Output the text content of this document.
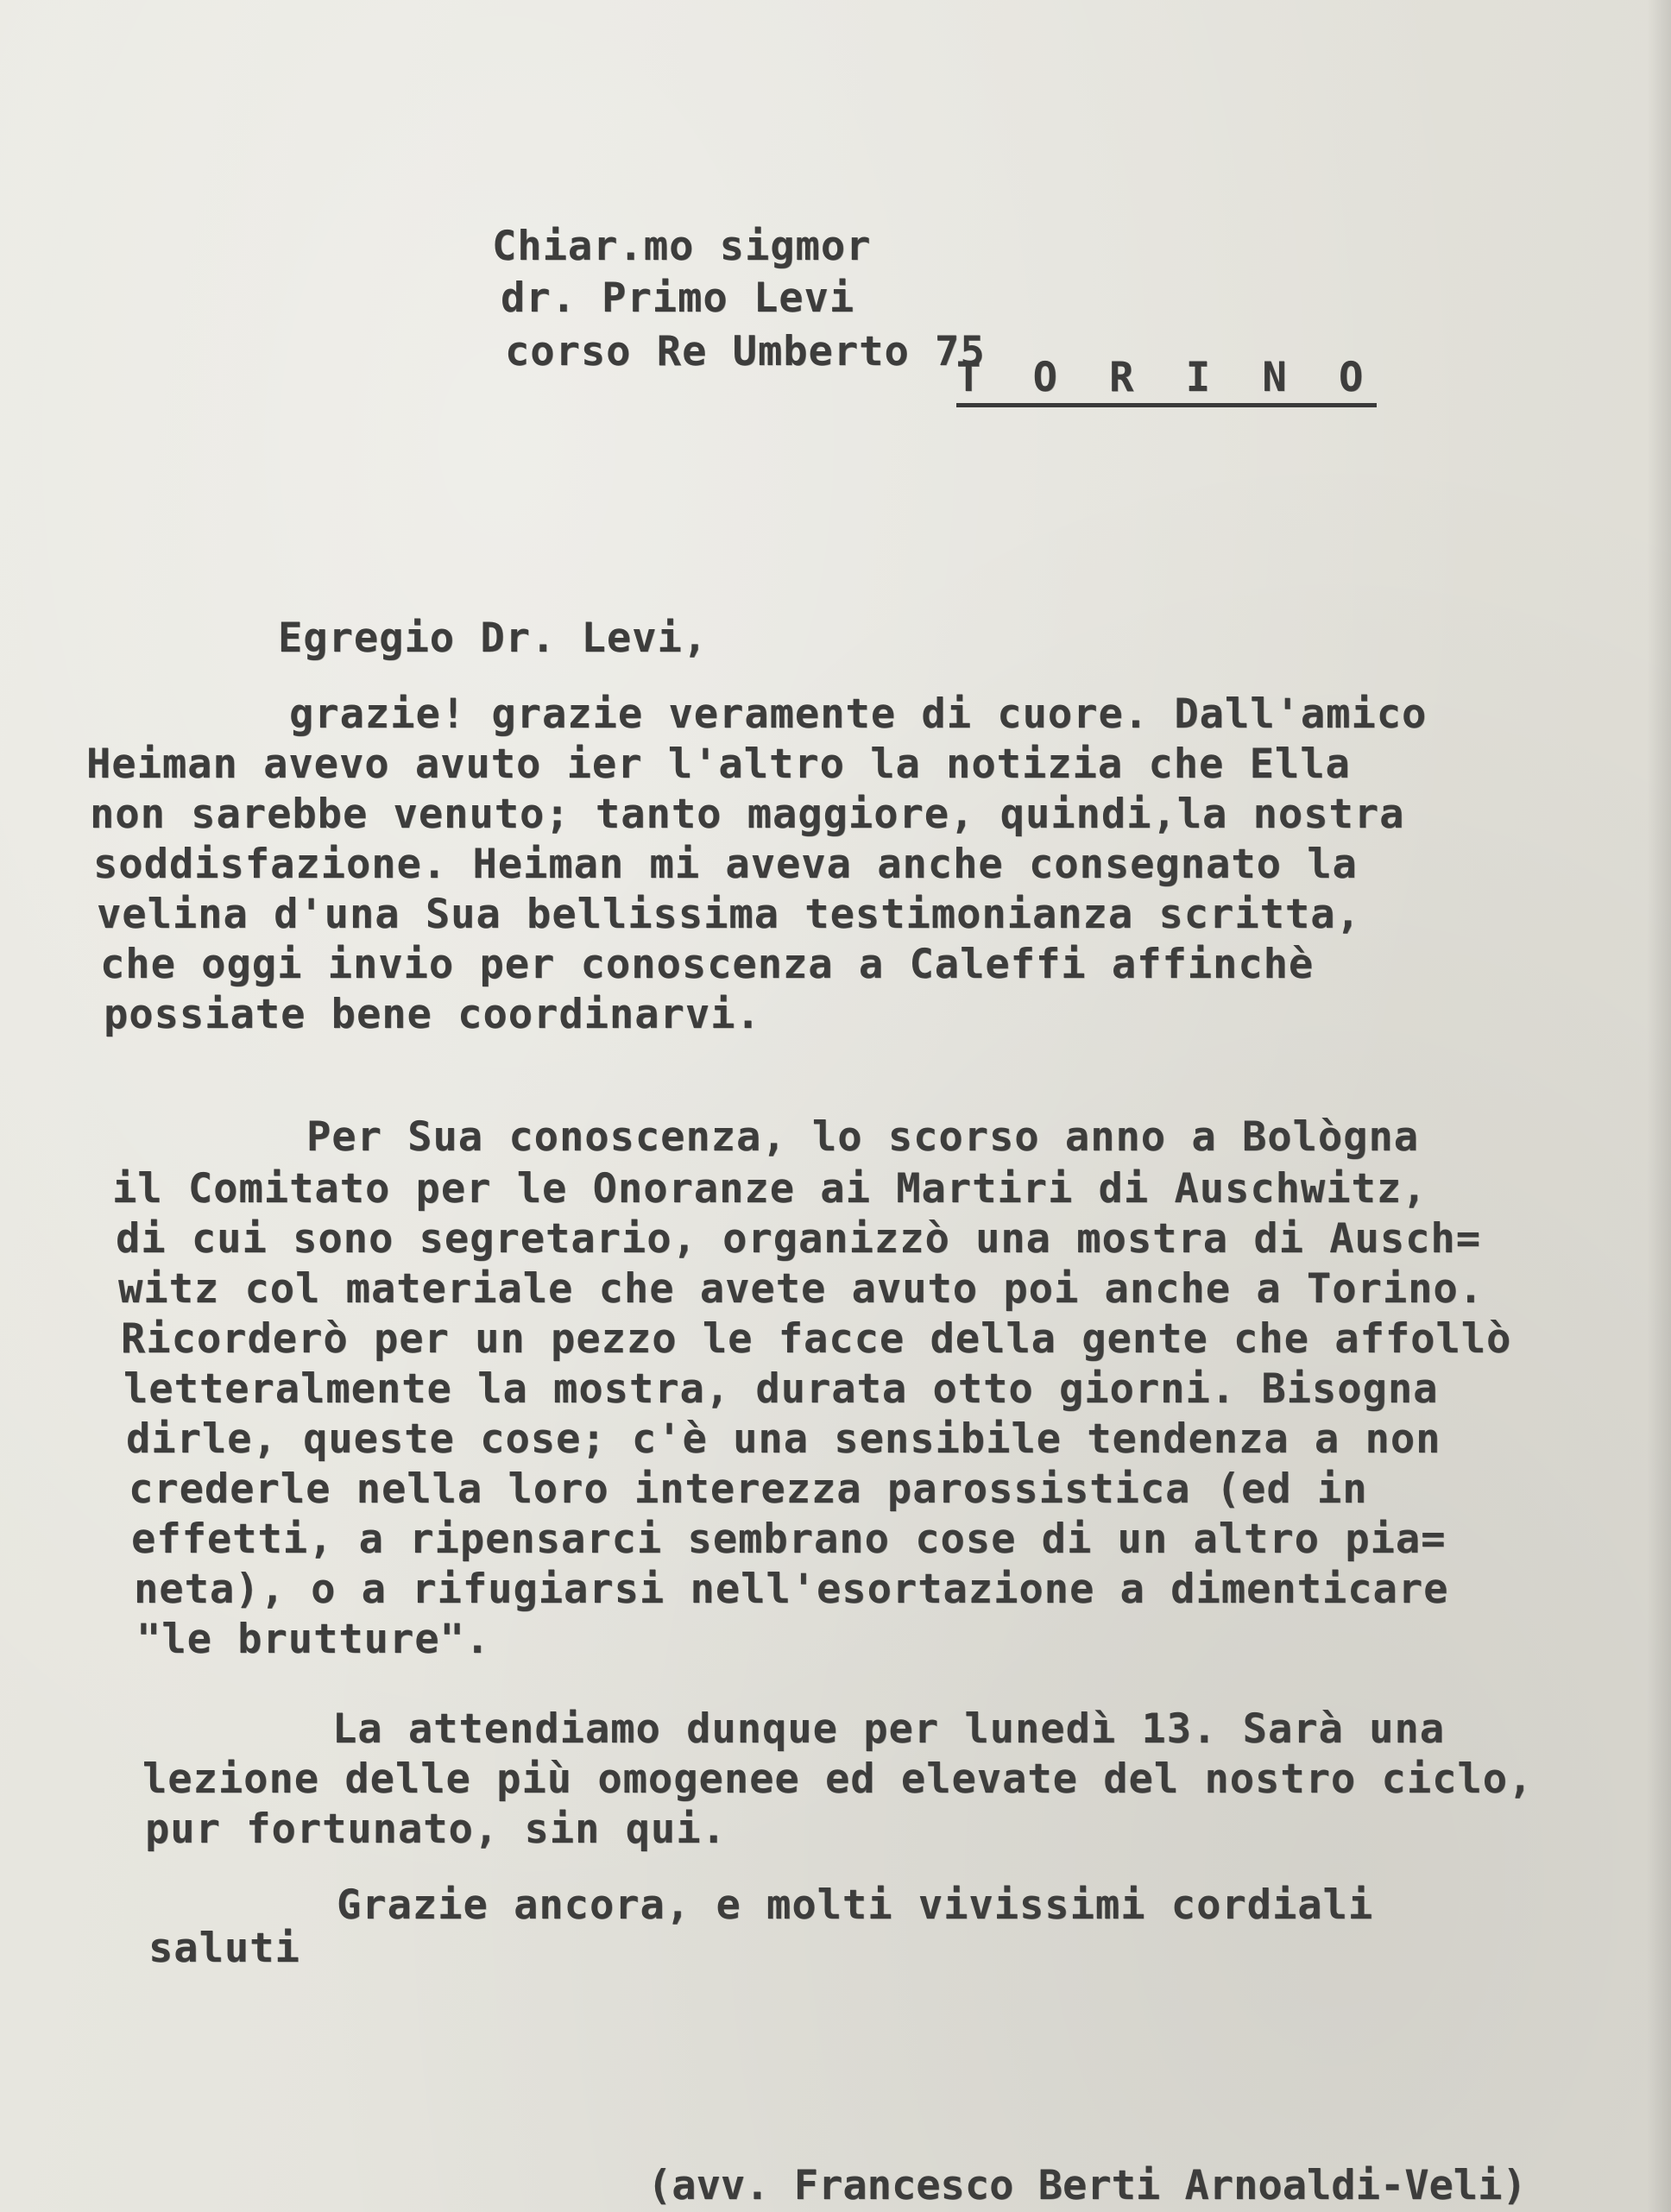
Chiar.mo sigmor

dr. Primo Levi

corso Re Umberto 75

T O R I N O

Egregio Dr. Levi,

grazie! grazie veramente di cuore. Dall'amico

Heiman avevo avuto ier l'altro la notizia che Ella

non sarebbe venuto; tanto maggiore, quindi,la nostra

soddisfazione. Heiman mi aveva anche consegnato la

velina d'una Sua bellissima testimonianza scritta,

che oggi invio per conoscenza a Caleffi affinchè

possiate bene coordinarvi.

Per Sua conoscenza, lo scorso anno a Bològna

il Comitato per le Onoranze ai Martiri di Auschwitz,

di cui sono segretario, organizzò una mostra di Ausch=

witz col materiale che avete avuto poi anche a Torino.

Ricorderò per un pezzo le facce della gente che affollò

letteralmente la mostra, durata otto giorni. Bisogna

dirle, queste cose; c'è una sensibile tendenza a non

crederle nella loro interezza parossistica (ed in

effetti, a ripensarci sembrano cose di un altro pia=

neta), o a rifugiarsi nell'esortazione a dimenticare

"le brutture".

La attendiamo dunque per lunedì 13. Sarà una

lezione delle più omogenee ed elevate del nostro ciclo,

pur fortunato, sin qui.

Grazie ancora, e molti vivissimi cordiali

saluti

(avv. Francesco Berti Arnoaldi-Veli)
